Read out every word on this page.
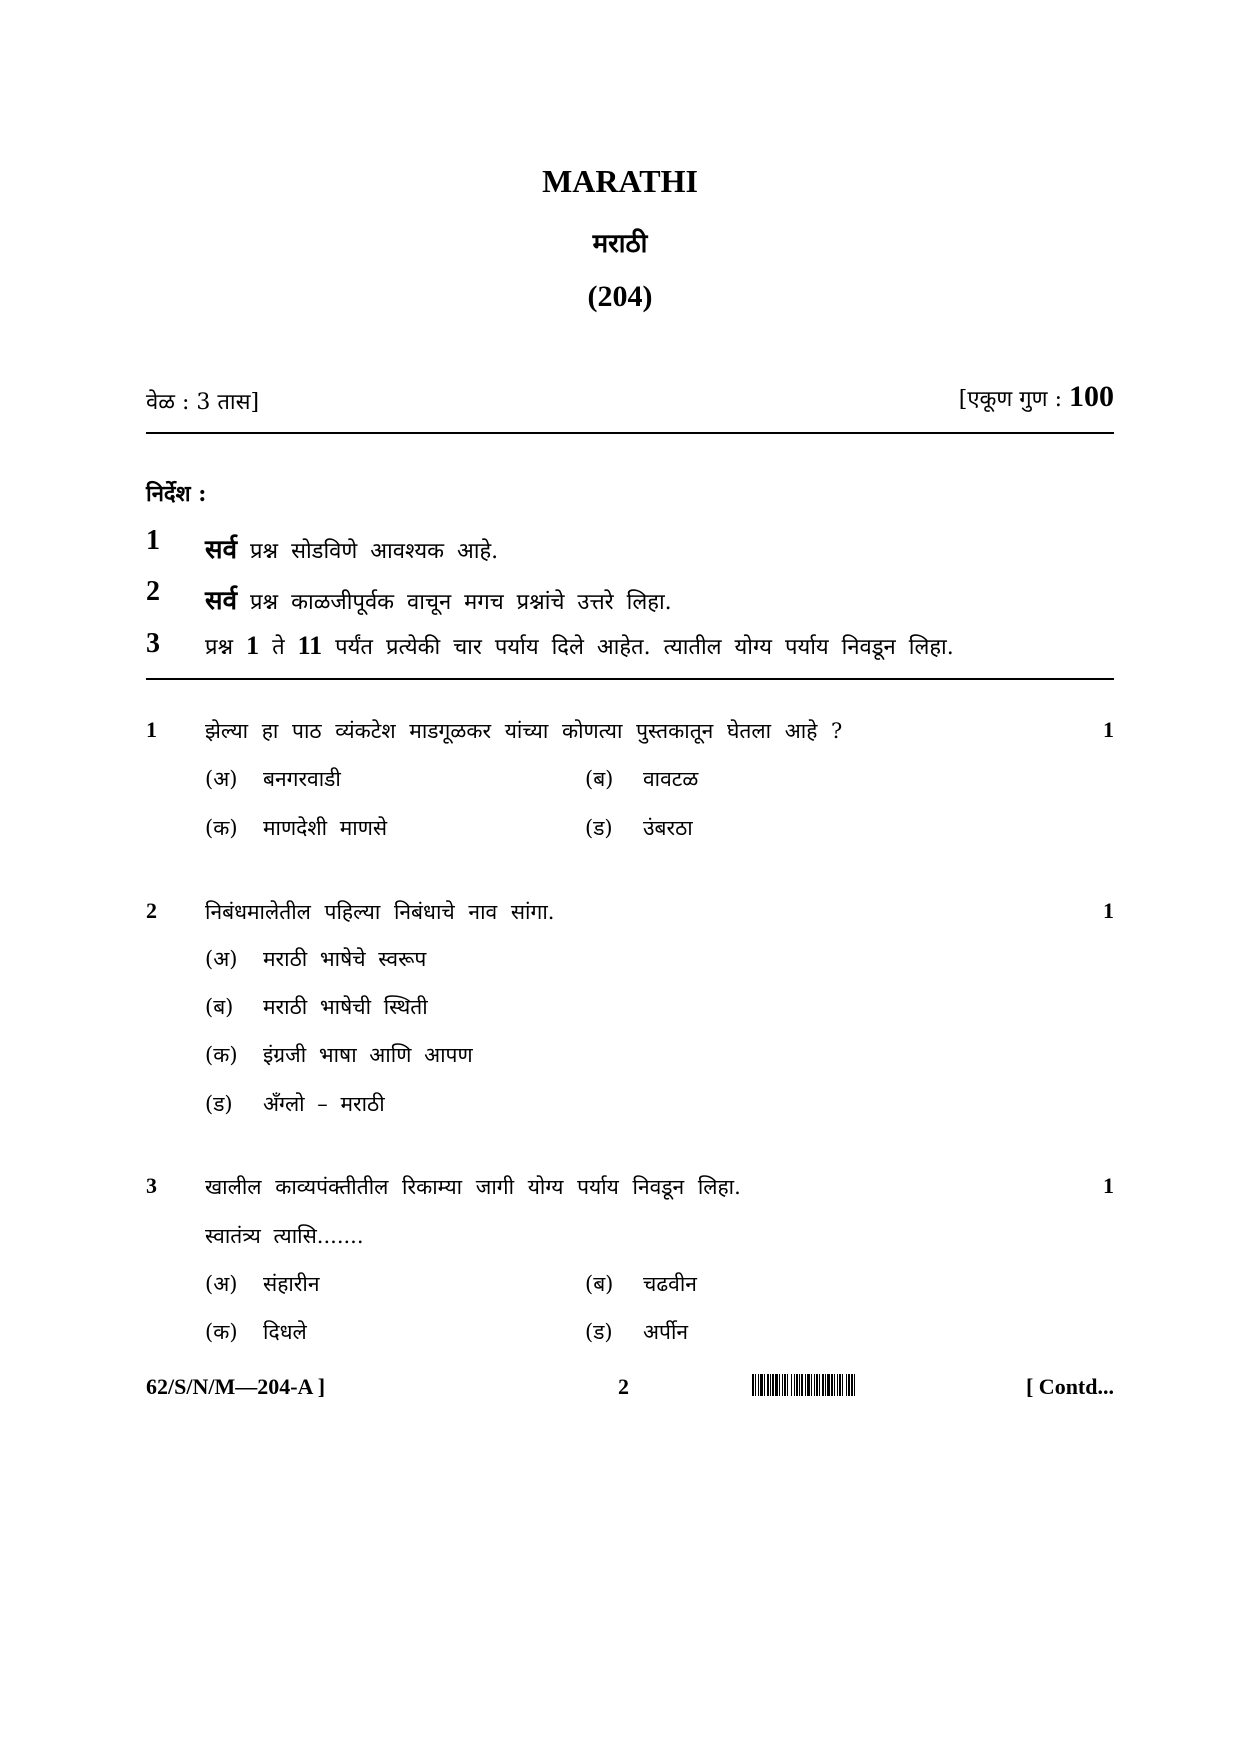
MARATHI
मराठी
(204)
वेळ : 3 तास]	[एकूण गुण : 100
निर्देश :
1 सर्व प्रश्न सोडविणे आवश्यक आहे.
2 सर्व प्रश्न काळजीपूर्वक वाचून मगच प्रश्नांचे उत्तरे लिहा.
3 प्रश्न 1 ते 11 पर्यंत प्रत्येकी चार पर्याय दिले आहेत. त्यातील योग्य पर्याय निवडून लिहा.
1 झेल्या हा पाठ व्यंकटेश माडगूळकर यांच्या कोणत्या पुस्तकातून घेतला आहे ?	1
(अ) बनगरवाडी	(ब) वावटळ
(क) माणदेशी माणसे	(ड) उंबरठा
2 निबंधमालेतील पहिल्या निबंधाचे नाव सांगा.	1
(अ) मराठी भाषेचे स्वरूप
(ब) मराठी भाषेची स्थिती
(क) इंग्रजी भाषा आणि आपण
(ड) अँग्लो – मराठी
3 खालील काव्यपंक्तीतील रिकाम्या जागी योग्य पर्याय निवडून लिहा.	1
स्वातंत्र्य त्यासि.......
(अ) संहारीन	(ब) चढवीन
(क) दिधले	(ड) अर्पीन
62/S/N/M—204-A ]	2	[ Contd...
